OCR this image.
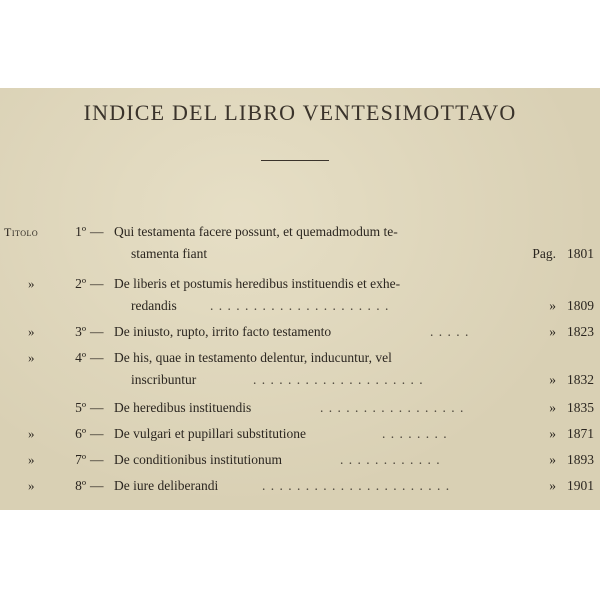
INDICE DEL LIBRO VENTESIMOTTAVO
Titolo	1º — Qui testamenta facere possunt, et quemadmodum te-
stamenta fiant	Pag. 1801
»	2º — De liberis et postumis heredibus instituendis et exhe-
redandis . . . . . . . . . . . . . . . . . . . . .	» 1809
»	3º — De iniusto, rupto, irrito facto testamento	. . . . .	» 1823
»	4º — De his, quae in testamento delentur, inducuntur, vel
inscribuntur	. . . . . . . . . . . . . . . . . . . .	» 1832
5º — De heredibus instituendis	. . . . . . . . . . . . . . . . .	» 1835
»	6º — De vulgari et pupillari substitutione	. . . . . . . .	» 1871
»	7º — De conditionibus institutionum	. . . . . . . . . . . .	» 1893
»	8º — De iure deliberandi	. . . . . . . . . . . . . . . . . . . . . .	» 1901
